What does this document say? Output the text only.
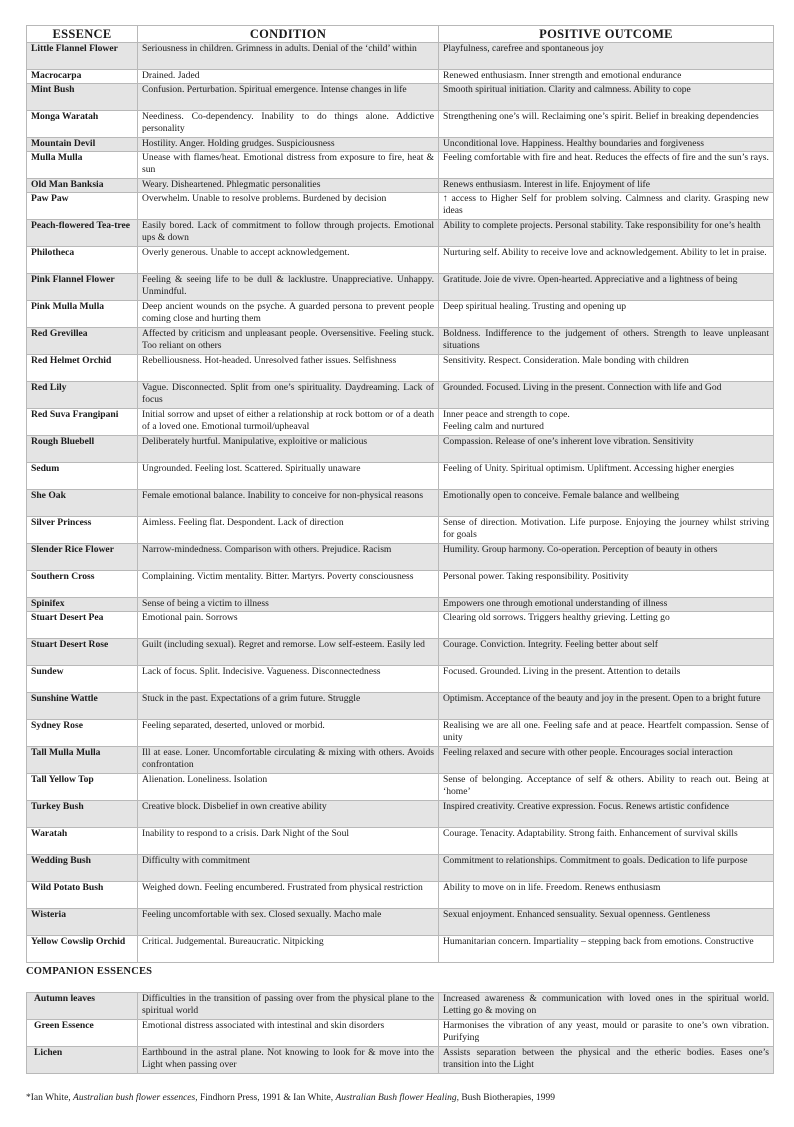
ESSENCE	CONDITION	POSITIVE OUTCOME
Little Flannel Flower	Seriousness in children. Grimness in adults. Denial of the ‘child’ within	Playfulness, carefree and spontaneous joy
Macrocarpa	Drained. Jaded	Renewed enthusiasm. Inner strength and emotional endurance
Mint Bush	Confusion. Perturbation. Spiritual emergence. Intense changes in life	Smooth spiritual initiation. Clarity and calmness. Ability to cope
Monga Waratah	Neediness. Co-dependency. Inability to do things alone. Addictive personality	Strengthening one’s will. Reclaiming one’s spirit. Belief in breaking dependencies
Mountain Devil	Hostility. Anger. Holding grudges. Suspiciousness	Unconditional love. Happiness. Healthy boundaries and forgiveness
Mulla Mulla	Unease with flames/heat. Emotional distress from exposure to fire, heat & sun	Feeling comfortable with fire and heat. Reduces the effects of fire and the sun’s rays.
Old Man Banksia	Weary. Disheartened. Phlegmatic personalities	Renews enthusiasm. Interest in life. Enjoyment of life
Paw Paw	Overwhelm. Unable to resolve problems. Burdened by decision	↑ access to Higher Self for problem solving. Calmness and clarity. Grasping new ideas
Peach-flowered Tea-tree	Easily bored. Lack of commitment to follow through projects. Emotional ups & down	Ability to complete projects. Personal stability. Take responsibility for one’s health
Philotheca	Overly generous. Unable to accept acknowledgement.	Nurturing self. Ability to receive love and acknowledgement. Ability to let in praise.
Pink Flannel Flower	Feeling & seeing life to be dull & lacklustre. Unappreciative. Unhappy. Unmindful.	Gratitude. Joie de vivre. Open-hearted. Appreciative and a lightness of being
Pink Mulla Mulla	Deep ancient wounds on the psyche. A guarded persona to prevent people coming close and hurting them	Deep spiritual healing. Trusting and opening up
Red Grevillea	Affected by criticism and unpleasant people. Oversensitive. Feeling stuck. Too reliant on others	Boldness. Indifference to the judgement of others. Strength to leave unpleasant situations
Red Helmet Orchid	Rebelliousness. Hot-headed. Unresolved father issues. Selfishness	Sensitivity. Respect. Consideration. Male bonding with children
Red Lily	Vague. Disconnected. Split from one’s spirituality. Daydreaming. Lack of focus	Grounded. Focused. Living in the present. Connection with life and God
Red Suva Frangipani	Initial sorrow and upset of either a relationship at rock bottom or of a death of a loved one. Emotional turmoil/upheaval	Inner peace and strength to cope.
Feeling calm and nurtured
Rough Bluebell	Deliberately hurtful. Manipulative, exploitive or malicious	Compassion. Release of one’s inherent love vibration. Sensitivity
Sedum	Ungrounded. Feeling lost. Scattered. Spiritually unaware	Feeling of Unity. Spiritual optimism. Upliftment. Accessing higher energies
She Oak	Female emotional balance. Inability to conceive for non-physical reasons	Emotionally open to conceive. Female balance and wellbeing
Silver Princess	Aimless. Feeling flat. Despondent. Lack of direction	Sense of direction. Motivation. Life purpose. Enjoying the journey whilst striving for goals
Slender Rice Flower	Narrow-mindedness. Comparison with others. Prejudice. Racism	Humility. Group harmony. Co-operation. Perception of beauty in others
Southern Cross	Complaining. Victim mentality. Bitter. Martyrs. Poverty consciousness	Personal power. Taking responsibility. Positivity
Spinifex	Sense of being a victim to illness	Empowers one through emotional understanding of illness
Stuart Desert Pea	Emotional pain. Sorrows	Clearing old sorrows. Triggers healthy grieving. Letting go
Stuart Desert Rose	Guilt (including sexual). Regret and remorse. Low self-esteem. Easily led	Courage. Conviction. Integrity. Feeling better about self
Sundew	Lack of focus. Split. Indecisive. Vagueness. Disconnectedness	Focused. Grounded. Living in the present. Attention to details
Sunshine Wattle	Stuck in the past. Expectations of a grim future. Struggle	Optimism. Acceptance of the beauty and joy in the present. Open to a bright future
Sydney Rose	Feeling separated, deserted, unloved or morbid.	Realising we are all one. Feeling safe and at peace. Heartfelt compassion. Sense of unity
Tall Mulla Mulla	Ill at ease. Loner. Uncomfortable circulating & mixing with others. Avoids confrontation	Feeling relaxed and secure with other people. Encourages social interaction
Tall Yellow Top	Alienation. Loneliness. Isolation	Sense of belonging. Acceptance of self & others. Ability to reach out. Being at ‘home’
Turkey Bush	Creative block. Disbelief in own creative ability	Inspired creativity. Creative expression. Focus. Renews artistic confidence
Waratah	Inability to respond to a crisis. Dark Night of the Soul	Courage. Tenacity. Adaptability. Strong faith. Enhancement of survival skills
Wedding Bush	Difficulty with commitment	Commitment to relationships. Commitment to goals. Dedication to life purpose
Wild Potato Bush	Weighed down. Feeling encumbered. Frustrated from physical restriction	Ability to move on in life. Freedom. Renews enthusiasm
Wisteria	Feeling uncomfortable with sex. Closed sexually. Macho male	Sexual enjoyment. Enhanced sensuality. Sexual openness. Gentleness
Yellow Cowslip Orchid	Critical. Judgemental. Bureaucratic. Nitpicking	Humanitarian concern. Impartiality – stepping back from emotions. Constructive
COMPANION ESSENCES
Autumn leaves	Difficulties in the transition of passing over from the physical plane to the spiritual world	Increased awareness & communication with loved ones in the spiritual world. Letting go & moving on
Green Essence	Emotional distress associated with intestinal and skin disorders	Harmonises the vibration of any yeast, mould or parasite to one’s own vibration. Purifying
Lichen	Earthbound in the astral plane. Not knowing to look for & move into the Light when passing over	Assists separation between the physical and the etheric bodies. Eases one’s transition into the Light
*Ian White, Australian bush flower essences, Findhorn Press, 1991 & Ian White, Australian Bush flower Healing, Bush Biotherapies, 1999
